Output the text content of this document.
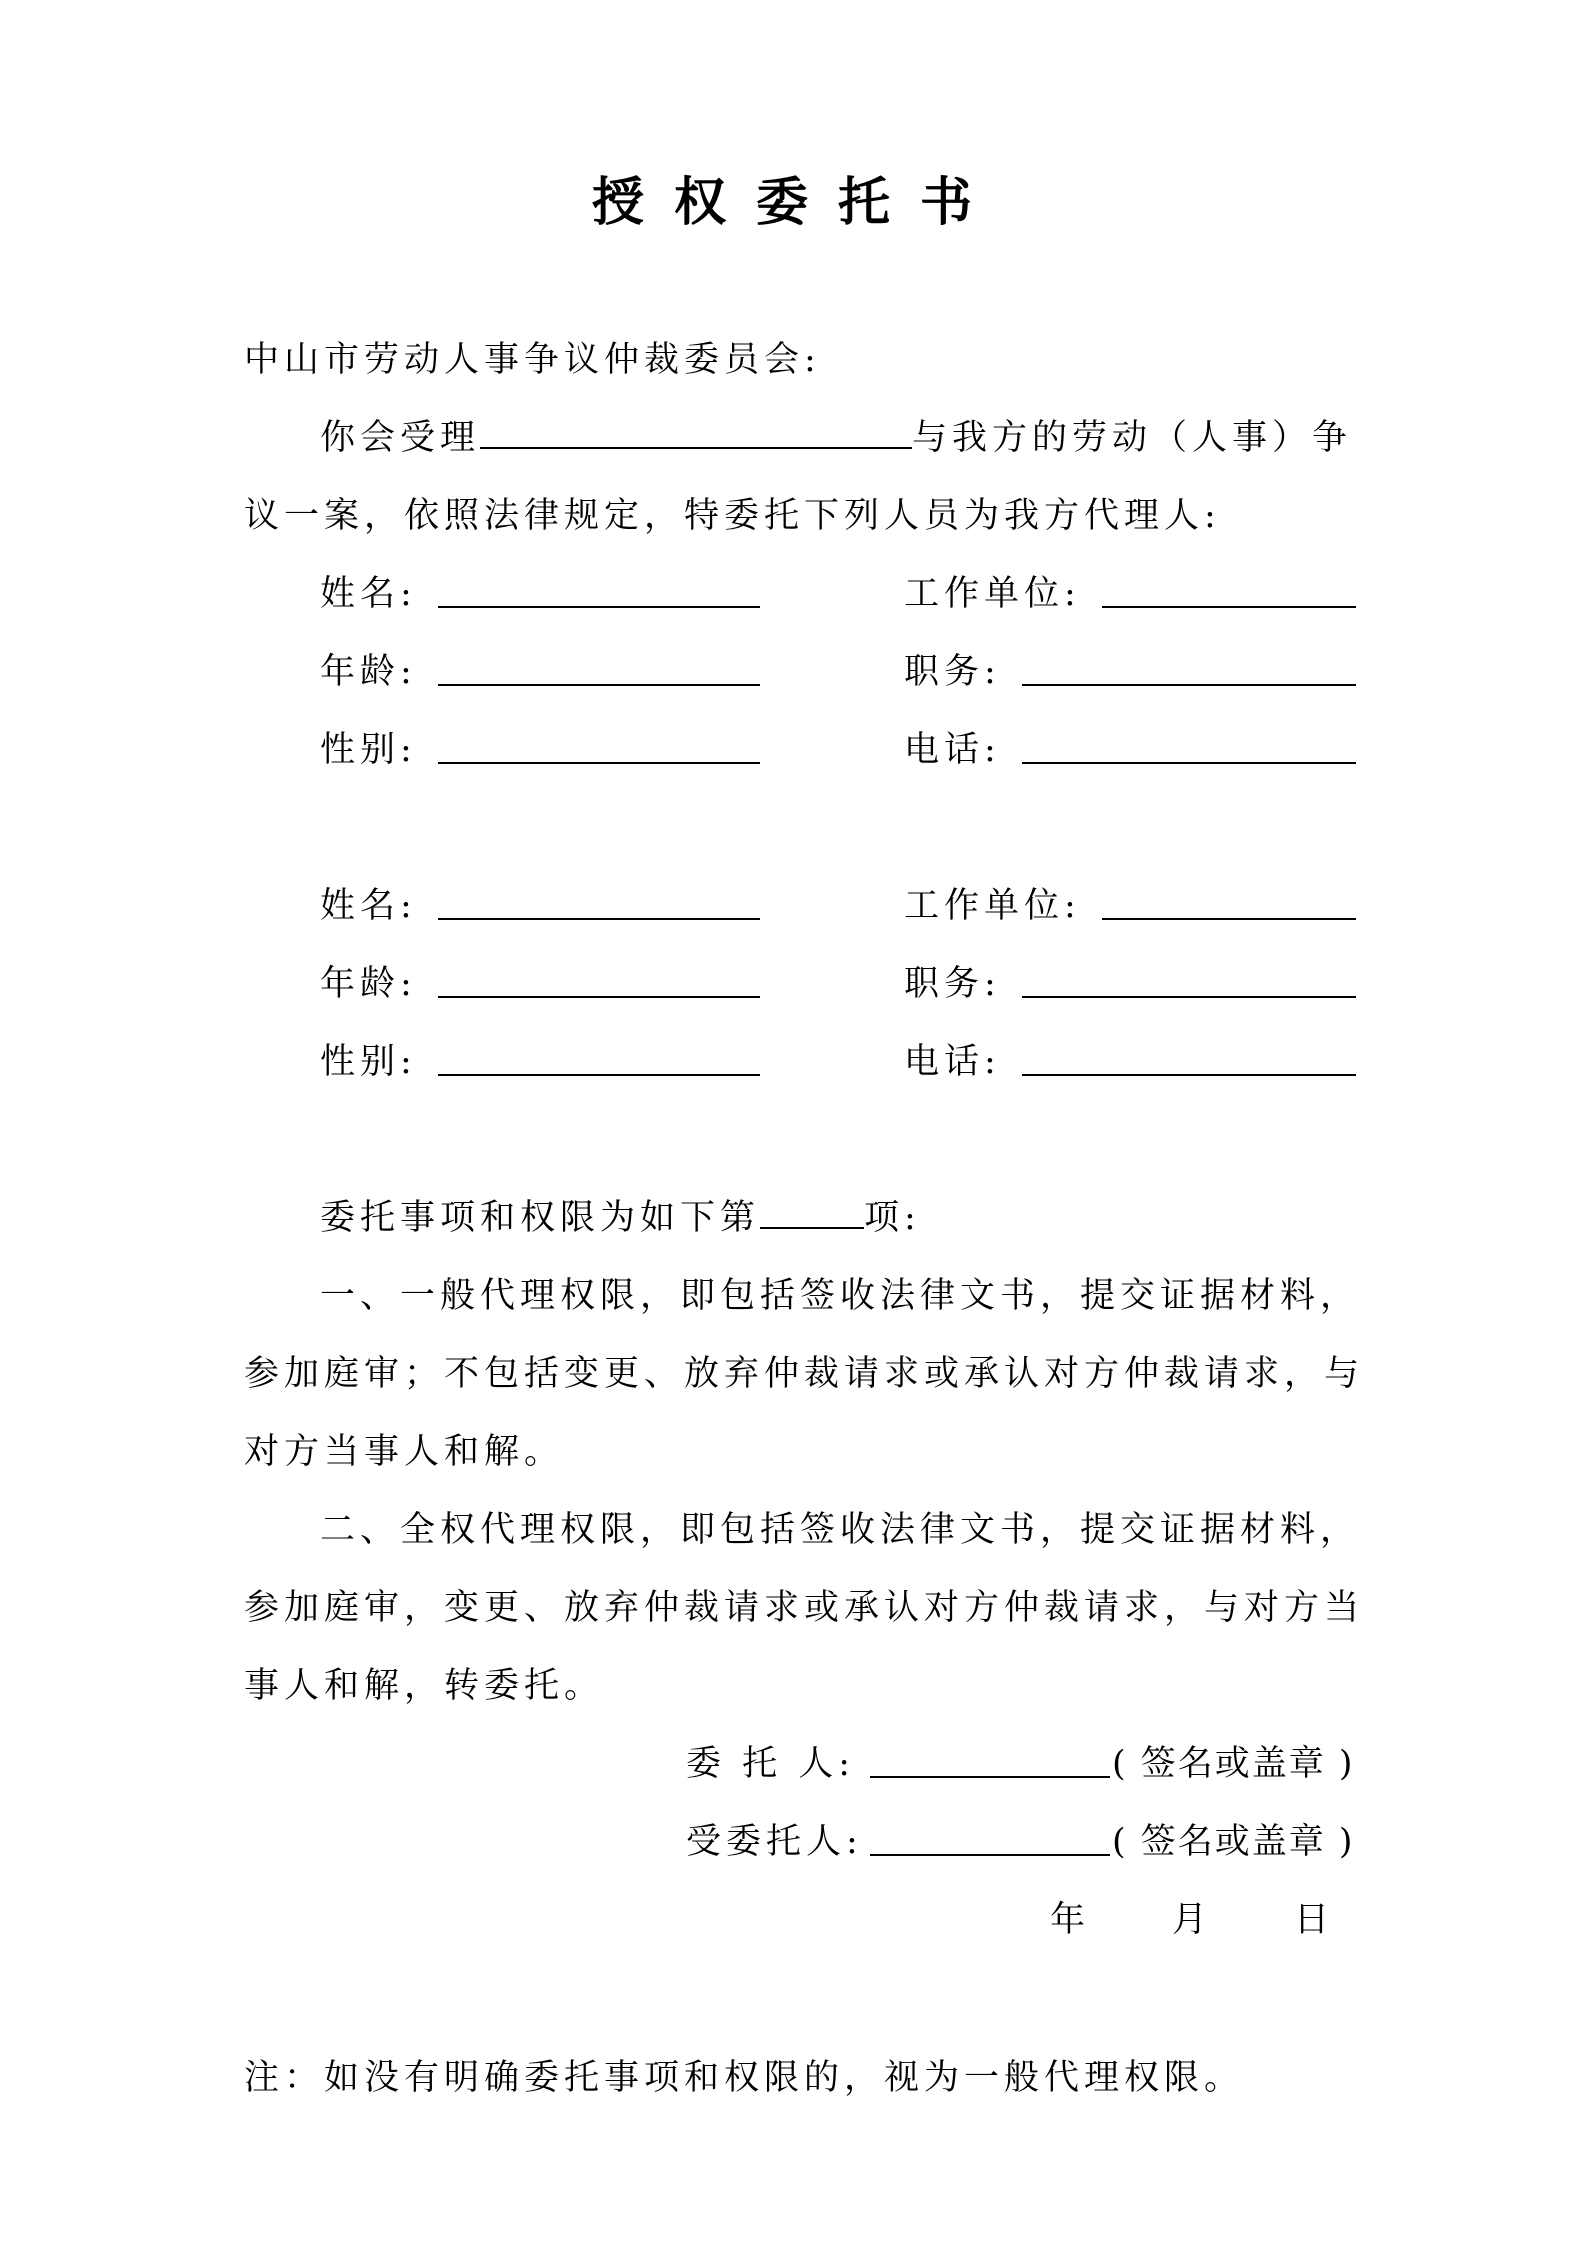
授权委托书
中山市劳动人事争议仲裁委员会:
你会受理	与我方的劳动（人事）争
议一案，依照法律规定，特委托下列人员为我方代理人:
姓名:	工作单位:
年龄:	职务:
性别:	电话:
姓名:	工作单位:
年龄:	职务:
性别:	电话:
委托事项和权限为如下第	项:
一、一般代理权限，即包括签收法律文书，提交证据材料，
参加庭审；不包括变更、放弃仲裁请求或承认对方仲裁请求，与
对方当事人和解。
二、全权代理权限，即包括签收法律文书，提交证据材料，
参加庭审，变更、放弃仲裁请求或承认对方仲裁请求，与对方当
事人和解，转委托。
委 托 人:	( 签名或盖章 )
受委托人:	( 签名或盖章 )
年 月 日
注：如没有明确委托事项和权限的，视为一般代理权限。
